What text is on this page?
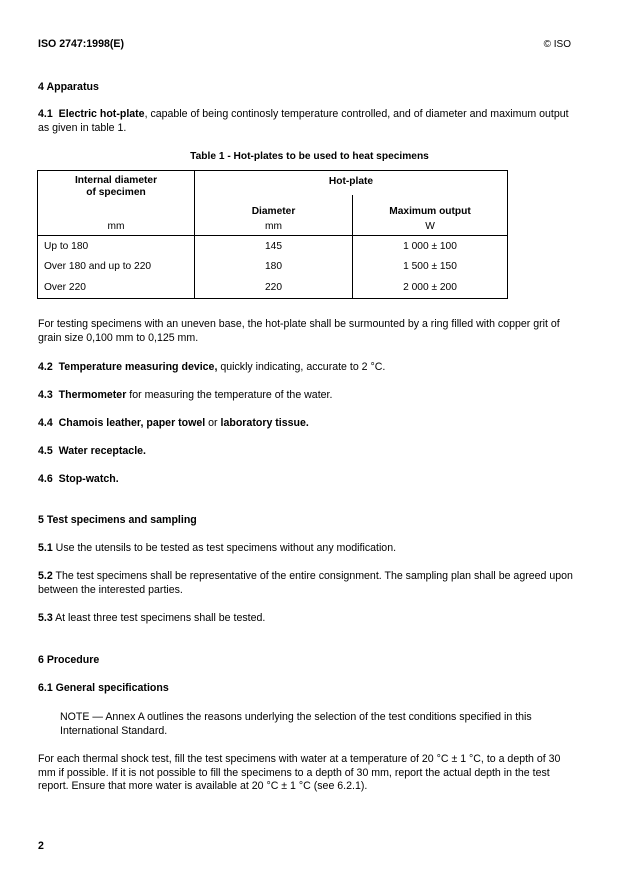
ISO 2747:1998(E)	© ISO
4 Apparatus
4.1 Electric hot-plate, capable of being continosly temperature controlled, and of diameter and maximum output as given in table 1.
Table 1 - Hot-plates to be used to heat specimens
Internal diameter
of specimen	Hot-plate	
	Diameter	Maximum output
mm	mm	W
Up to 180	145	1 000 ± 100
Over 180 and up to 220	180	1 500 ± 150
Over 220	220	2 000 ± 200
For testing specimens with an uneven base, the hot-plate shall be surmounted by a ring filled with copper grit of grain size 0,100 mm to 0,125 mm.
4.2 Temperature measuring device, quickly indicating, accurate to 2 °C.
4.3 Thermometer for measuring the temperature of the water.
4.4 Chamois leather, paper towel or laboratory tissue.
4.5 Water receptacle.
4.6 Stop-watch.
5 Test specimens and sampling
5.1 Use the utensils to be tested as test specimens without any modification.
5.2 The test specimens shall be representative of the entire consignment. The sampling plan shall be agreed upon between the interested parties.
5.3 At least three test specimens shall be tested.
6 Procedure
6.1 General specifications
NOTE — Annex A outlines the reasons underlying the selection of the test conditions specified in this International Standard.
For each thermal shock test, fill the test specimens with water at a temperature of 20 °C ± 1 °C, to a depth of 30 mm if possible. If it is not possible to fill the specimens to a depth of 30 mm, report the actual depth in the test report. Ensure that more water is available at 20 °C ± 1 °C (see 6.2.1).
2
